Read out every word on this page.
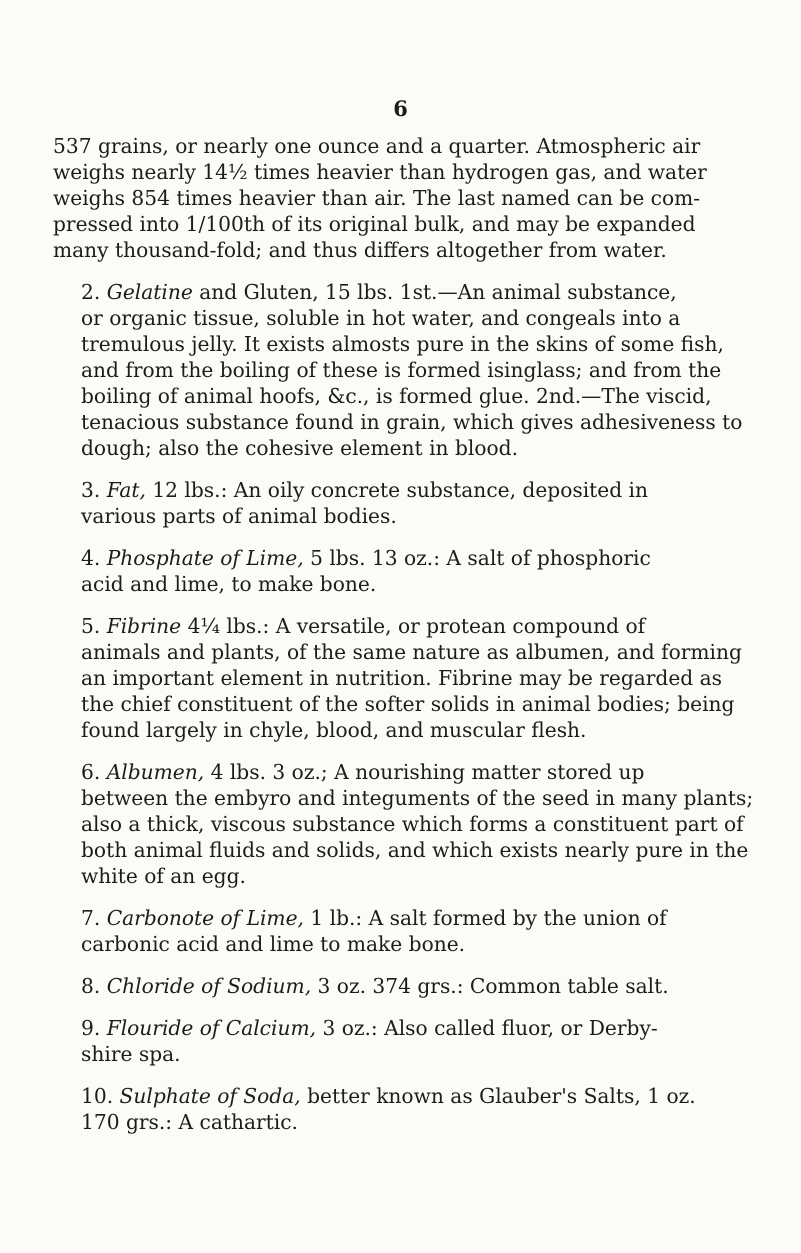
6

537 grains, or nearly one ounce and a quarter. Atmospheric air
weighs nearly 14½ times heavier than hydrogen gas, and water
weighs 854 times heavier than air. The last named can be com-
pressed into 1/100th of its original bulk, and may be expanded
many thousand-fold; and thus differs altogether from water.

2. Gelatine and Gluten, 15 lbs. 1st.—An animal substance,
or organic tissue, soluble in hot water, and congeals into a
tremulous jelly. It exists almosts pure in the skins of some fish,
and from the boiling of these is formed isinglass; and from the
boiling of animal hoofs, &c., is formed glue. 2nd.—The viscid,
tenacious substance found in grain, which gives adhesiveness to
dough; also the cohesive element in blood.

3. Fat, 12 lbs.: An oily concrete substance, deposited in
various parts of animal bodies.

4. Phosphate of Lime, 5 lbs. 13 oz.: A salt of phosphoric
acid and lime, to make bone.

5. Fibrine 4¼ lbs.: A versatile, or protean compound of
animals and plants, of the same nature as albumen, and forming
an important element in nutrition. Fibrine may be regarded as
the chief constituent of the softer solids in animal bodies; being
found largely in chyle, blood, and muscular flesh.

6. Albumen, 4 lbs. 3 oz.; A nourishing matter stored up
between the embyro and integuments of the seed in many plants;
also a thick, viscous substance which forms a constituent part of
both animal fluids and solids, and which exists nearly pure in the
white of an egg.

7. Carbonote of Lime, 1 lb.: A salt formed by the union of
carbonic acid and lime to make bone.

8. Chloride of Sodium, 3 oz. 374 grs.: Common table salt.

9. Flouride of Calcium, 3 oz.: Also called fluor, or Derby-
shire spa.

10. Sulphate of Soda, better known as Glauber's Salts, 1 oz.
170 grs.: A cathartic.
